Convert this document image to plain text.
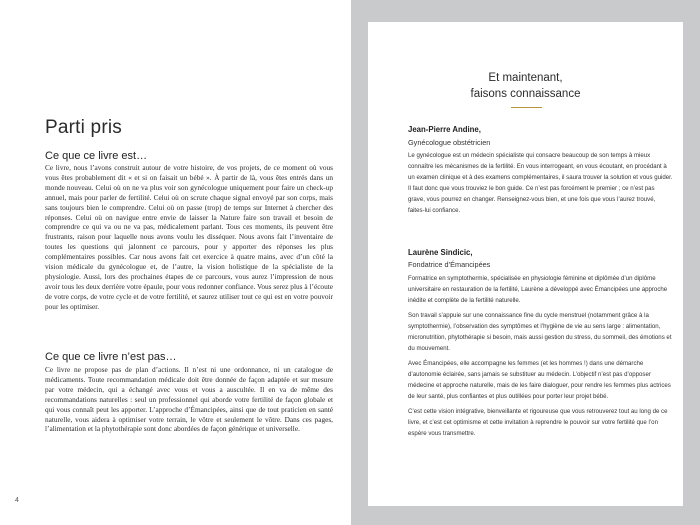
Parti pris
Ce que ce livre est…

Ce livre, nous l’avons construit autour de votre histoire, de vos projets, de ce moment où vous vous êtes probablement dit « et si on faisait un bébé ». À partir de là, vous êtes entrés dans un monde nouveau. Celui où on ne va plus voir son gynécologue uniquement pour faire un check-up annuel, mais pour parler de fertilité. Celui où on scrute chaque signal envoyé par son corps, mais sans toujours bien le comprendre. Celui où on passe (trop) de temps sur Internet à chercher des réponses. Celui où on navigue entre envie de laisser la Nature faire son travail et besoin de comprendre ce qui va ou ne va pas, médicalement parlant. Tous ces moments, ils peuvent être frustrants, raison pour laquelle nous avons voulu les disséquer. Nous avons fait l’inventaire de toutes les questions qui jalonnent ce parcours, pour y apporter des réponses les plus complémentaires possibles. Car nous avons fait cet exercice à quatre mains, avec d’un côté la vision médicale du gynécologue et, de l’autre, la vision holistique de la spécialiste de la physiologie. Aussi, lors des prochaines étapes de ce parcours, vous aurez l’impression de nous avoir tous les deux derrière votre épaule, pour vous redonner confiance. Vous serez plus à l’écoute de votre corps, de votre cycle et de votre fertilité, et saurez utiliser tout ce qui est en votre pouvoir pour les optimiser.

Ce que ce livre n’est pas…

Ce livre ne propose pas de plan d’actions. Il n’est ni une ordonnance, ni un catalogue de médicaments. Toute recommandation médicale doit être donnée de façon adaptée et sur mesure par votre médecin, qui a échangé avec vous et vous a auscultée. Il en va de même des recommandations naturelles : seul un professionnel qui aborde votre fertilité de façon globale et qui vous connaît peut les apporter. L’approche d’Émancipées, ainsi que de tout praticien en santé naturelle, vous aidera à optimiser votre terrain, le vôtre et seulement le vôtre. Dans ces pages, l’alimentation et la phytothérapie sont donc abordées de façon générique et universelle.

4
Et maintenant,
faisons connaissance
Jean-Pierre Andine,
Gynécologue obstétricien

Le gynécologue est un médecin spécialiste qui consacre beaucoup de son temps à mieux connaître les mécanismes de la fertilité. En vous interrogeant, en vous écoutant, en procédant à un examen clinique et à des examens complémentaires, il saura trouver la solution et vous guider. Il faut donc que vous trouviez le bon guide. Ce n’est pas forcément le premier ; ce n’est pas grave, vous pourrez en changer. Renseignez-vous bien, et une fois que vous l’aurez trouvé, faites-lui confiance.

Laurène Sindicic,
Fondatrice d’Émancipées

Formatrice en symptothermie, spécialisée en physiologie féminine et diplômée d’un diplôme universitaire en restauration de la fertilité, Laurène a développé avec Émancipées une approche inédite et complète de la fertilité naturelle.

Son travail s’appuie sur une connaissance fine du cycle menstruel (notamment grâce à la symptothermie), l’observation des symptômes et l’hygiène de vie au sens large : alimentation, micronutrition, phytothérapie si besoin, mais aussi gestion du stress, du sommeil, des émotions et du mouvement.

Avec Émancipées, elle accompagne les femmes (et les hommes !) dans une démarche d’autonomie éclairée, sans jamais se substituer au médecin. L’objectif n’est pas d’opposer médecine et approche naturelle, mais de les faire dialoguer, pour rendre les femmes plus actrices de leur santé, plus confiantes et plus outillées pour porter leur projet bébé.

C’est cette vision intégrative, bienveillante et rigoureuse que vous retrouverez tout au long de ce livre, et c’est cet optimisme et cette invitation à reprendre le pouvoir sur votre fertilité que l’on espère vous transmettre.
